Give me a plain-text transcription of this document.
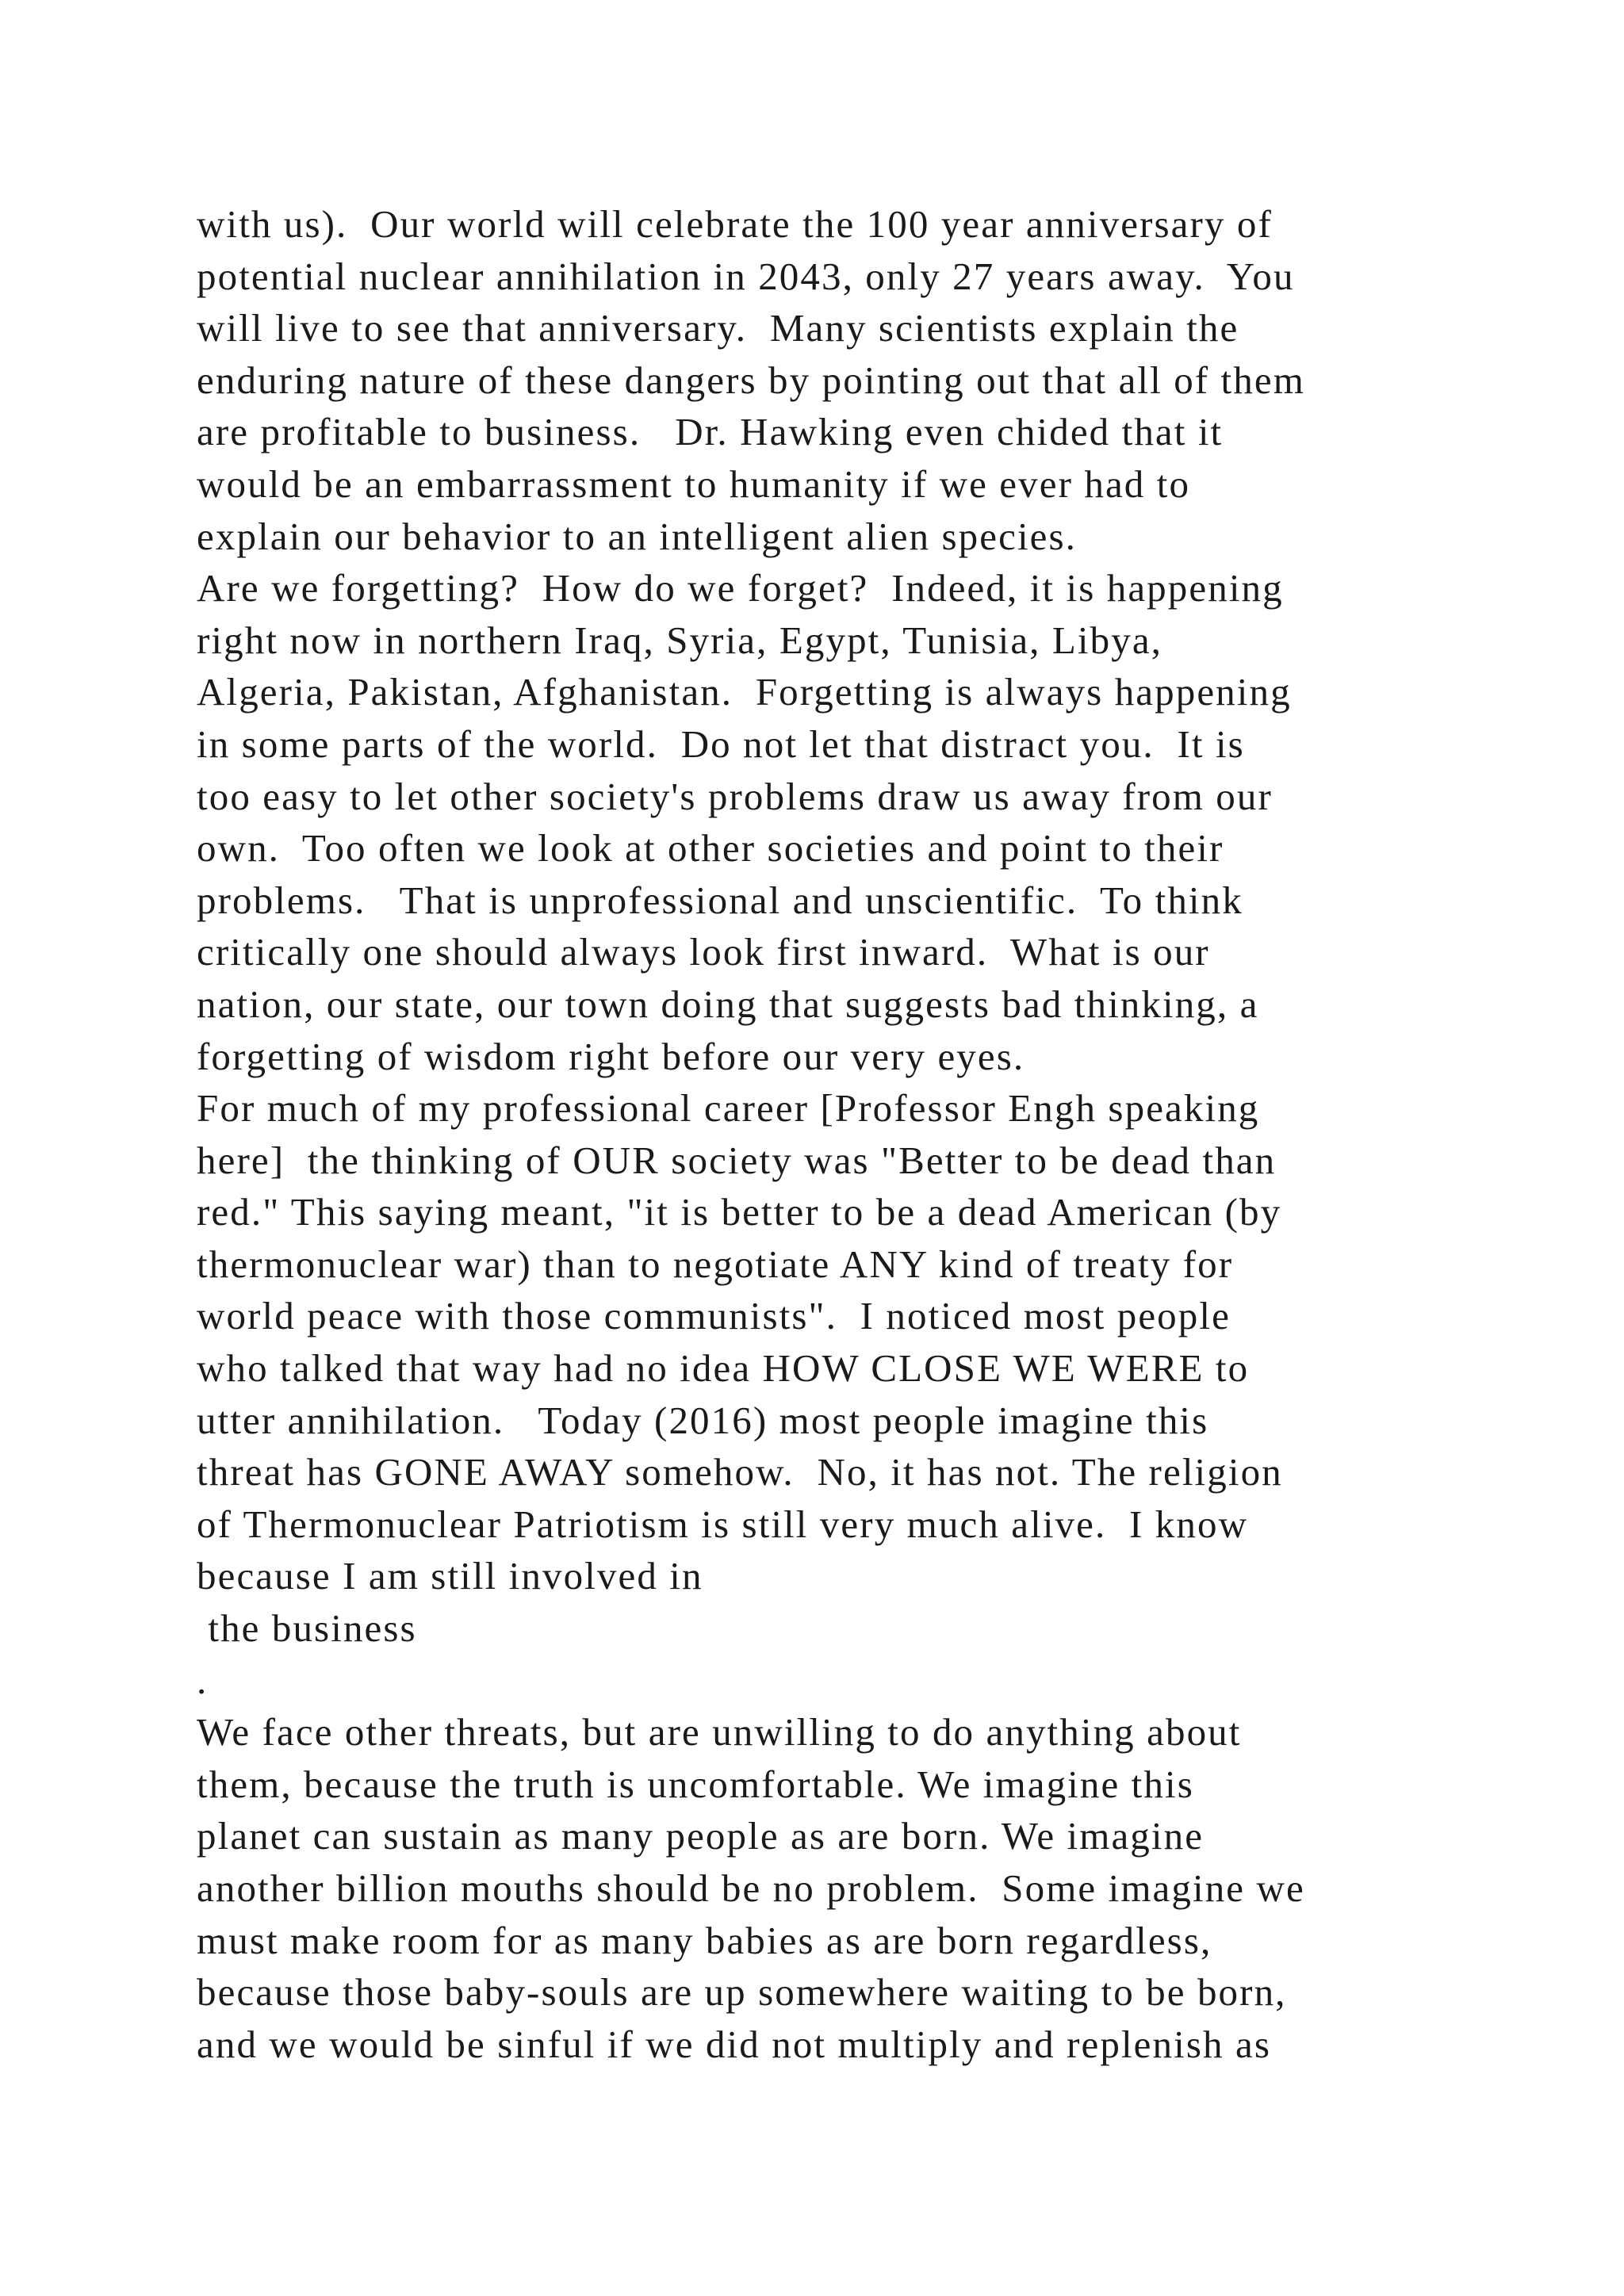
with us).  Our world will celebrate the 100 year anniversary of
potential nuclear annihilation in 2043, only 27 years away.  You
will live to see that anniversary.  Many scientists explain the
enduring nature of these dangers by pointing out that all of them
are profitable to business.   Dr. Hawking even chided that it
would be an embarrassment to humanity if we ever had to
explain our behavior to an intelligent alien species.
Are we forgetting?  How do we forget?  Indeed, it is happening
right now in northern Iraq, Syria, Egypt, Tunisia, Libya,
Algeria, Pakistan, Afghanistan.  Forgetting is always happening
in some parts of the world.  Do not let that distract you.  It is
too easy to let other society's problems draw us away from our
own.  Too often we look at other societies and point to their
problems.   That is unprofessional and unscientific.  To think
critically one should always look first inward.  What is our
nation, our state, our town doing that suggests bad thinking, a
forgetting of wisdom right before our very eyes.
For much of my professional career [Professor Engh speaking
here]  the thinking of OUR society was "Better to be dead than
red." This saying meant, "it is better to be a dead American (by
thermonuclear war) than to negotiate ANY kind of treaty for
world peace with those communists".  I noticed most people
who talked that way had no idea HOW CLOSE WE WERE to
utter annihilation.   Today (2016) most people imagine this
threat has GONE AWAY somehow.  No, it has not. The religion
of Thermonuclear Patriotism is still very much alive.  I know
because I am still involved in
the business
.
We face other threats, but are unwilling to do anything about
them, because the truth is uncomfortable. We imagine this
planet can sustain as many people as are born. We imagine
another billion mouths should be no problem.  Some imagine we
must make room for as many babies as are born regardless,
because those baby-souls are up somewhere waiting to be born,
and we would be sinful if we did not multiply and replenish as
